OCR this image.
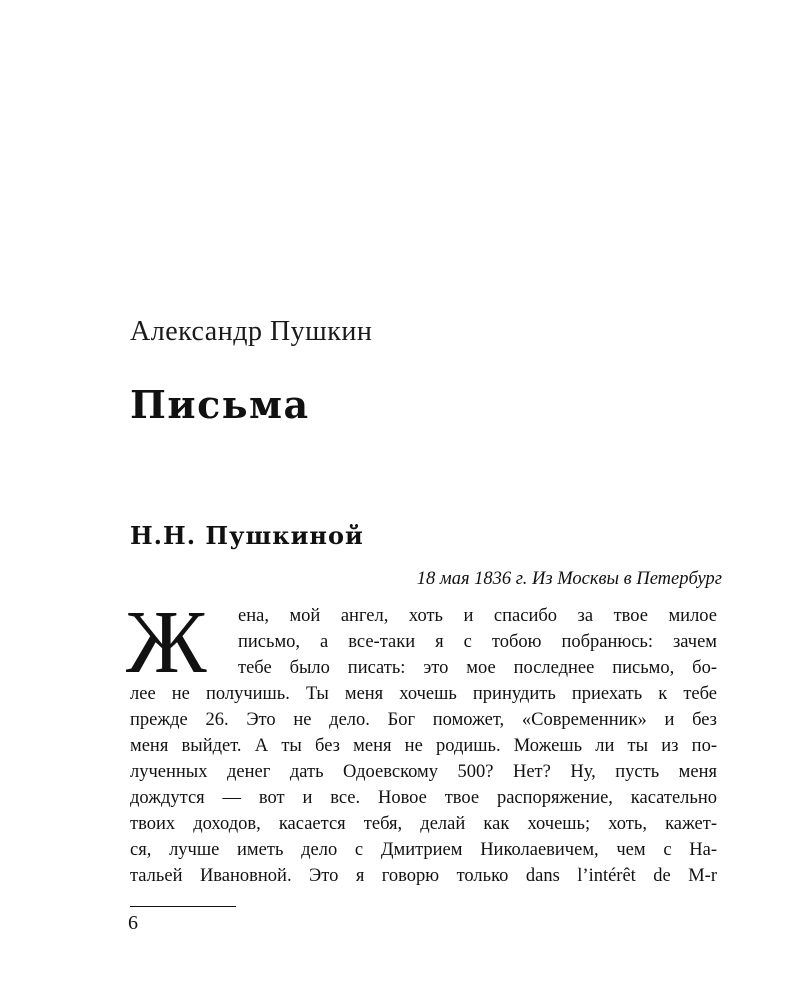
Александр Пушкин
Письма
Н.Н. Пушкиной
18 мая 1836 г. Из Москвы в Петербург
Ж	ена, мой ангел, хоть и спасибо за твое милое
письмо, а все-таки я с тобою побранюсь: зачем
тебе было писать: это мое последнее письмо, бо-
лее не получишь. Ты меня хочешь принудить приехать к тебе
прежде 26. Это не дело. Бог поможет, «Современник» и без
меня выйдет. А ты без меня не родишь. Можешь ли ты из по-
лученных денег дать Одоевскому 500? Нет? Ну, пусть меня
дождутся — вот и все. Новое твое распоряжение, касательно
твоих доходов, касается тебя, делай как хочешь; хоть, кажет-
ся, лучше иметь дело с Дмитрием Николаевичем, чем с На-
тальей Ивановной. Это я говорю только dans l’intérêt de M-r
6
